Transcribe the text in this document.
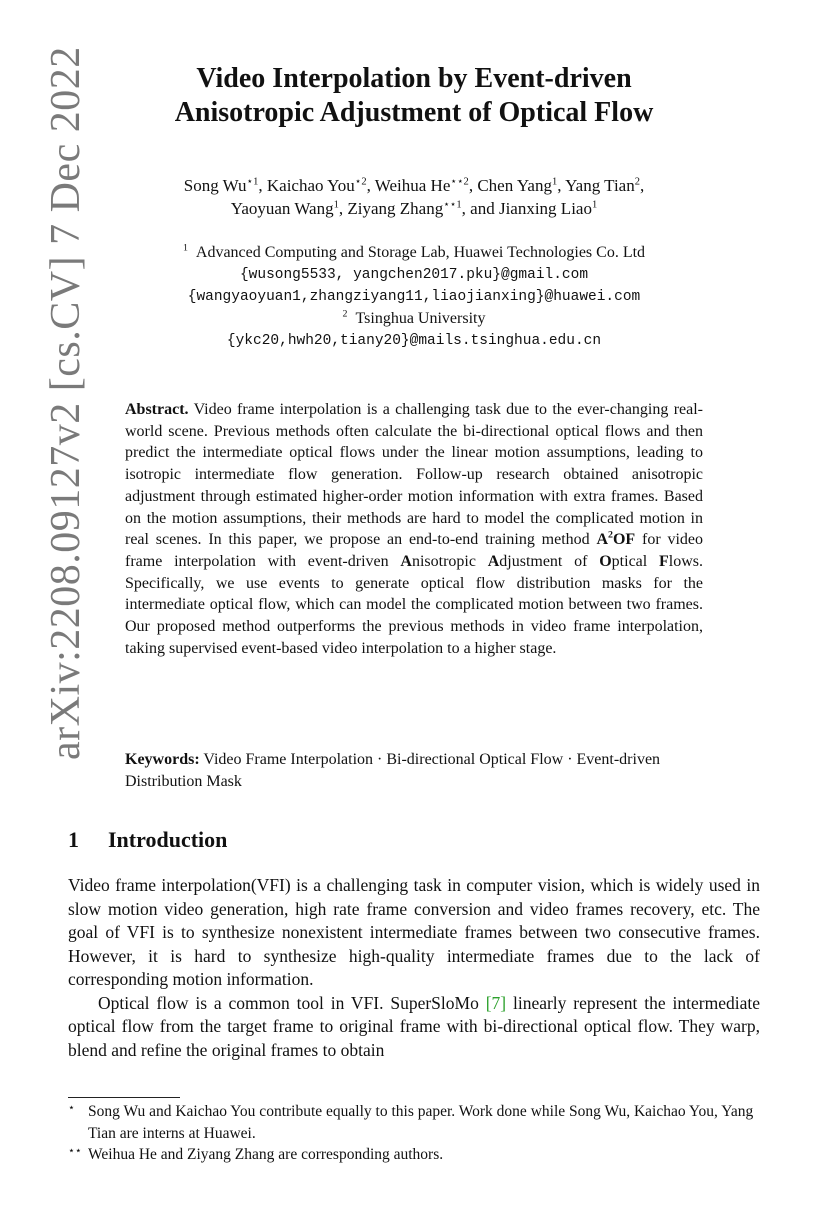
arXiv:2208.09127v2 [cs.CV] 7 Dec 2022	Video Interpolation by Event-driven
Anisotropic Adjustment of Optical Flow
Song $Wu^{⋆1}$, Kaichao You$^{⋆2}$, Weihua $He^{⋆⋆2}$, Chen Yang$^1$, Yang Tian$^2$,
Yaoyuan Wang$^1$, Ziyang Zhang$^{⋆⋆1}$, and Jianxing Liao$^1$
$^1$ Advanced Computing and Storage Lab, Huawei Technologies Co. Ltd
{wusong5533, yangchen2017.pku}@gmail.com
{wangyaoyuan1,zhangziyang11,liaojianxing}@huawei.com
$^2$ Tsinghua University
{ykc20,hwh20,tiany20}@mails.tsinghua.edu.cn
Abstract. Video frame interpolation is a challenging task due to the ever-changing real-world scene. Previous methods often calculate the bi-directional optical flows and then predict the intermediate optical flows under the linear motion assumptions, leading to isotropic intermediate flow generation. Follow-up research obtained anisotropic adjustment through estimated higher-order motion information with extra frames. Based on the motion assumptions, their methods are hard to model the complicated motion in real scenes. In this paper, we propose an end-to-end training method $A^2OF$ for video frame interpolation with event-driven Anisotropic Adjustment of Optical Flows. Specifically, we use events to generate optical flow distribution masks for the intermediate optical flow, which can model the complicated motion between two frames. Our proposed method outperforms the previous methods in video frame interpolation, taking supervised event-based video interpolation to a higher stage.
Keywords: Video Frame Interpolation · Bi-directional Optical Flow · Event-driven Distribution Mask
1 Introduction

Video frame interpolation(VFI) is a challenging task in computer vision, which is widely used in slow motion video generation, high rate frame conversion and video frames recovery, etc. The goal of VFI is to synthesize nonexistent intermediate frames between two consecutive frames. However, it is hard to synthesize high-quality intermediate frames due to the lack of corresponding motion information.

Optical flow is a common tool in VFI. SuperSloMo [7] linearly represent the intermediate optical flow from the target frame to original frame with bi-directional optical flow. They warp, blend and refine the original frames to obtain

⋆ Song Wu and Kaichao You contribute equally to this paper. Work done while Song Wu, Kaichao You, Yang Tian are interns at Huawei.
⋆⋆ Weihua He and Ziyang Zhang are corresponding authors.
